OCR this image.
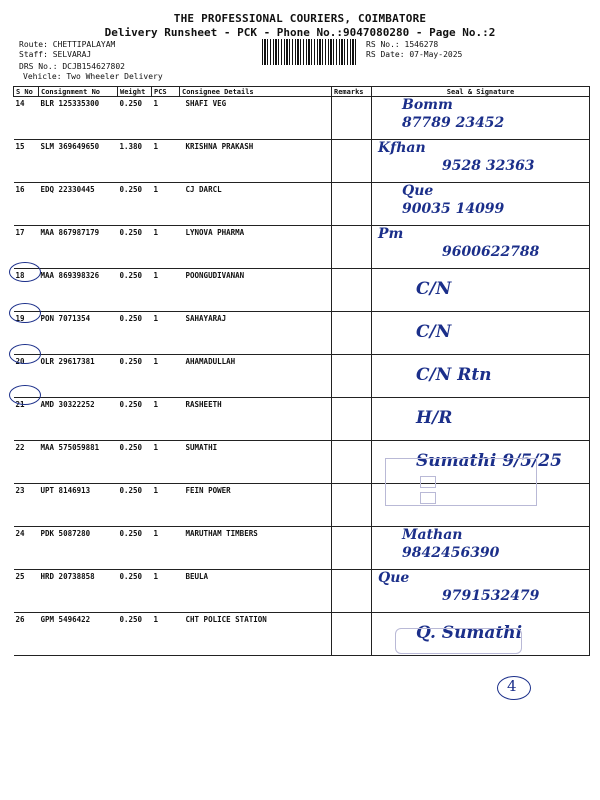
THE PROFESSIONAL COURIERS, COIMBATORE
Delivery Runsheet - PCK - Phone No.:9047080280 - Page No.:2
Route: CHETTIPALAYAM
Staff: SELVARAJ
DRS No.: DCJB154627802
Vehicle: Two Wheeler Delivery
RS No.: 1546278
RS Date: 07-May-2025
S No	Consignment No	Weight	PCS	Consignee Details	Remarks	Seal & Signature
14	BLR 125335300	0.250	1	SHAFI VEG		Bomm
87789 23452

15	SLM 369649650	1.380	1	KRISHNA PRAKASH		Kfhan
9528 32363

16	EDQ 22330445	0.250	1	CJ DARCL		Que
90035 14099

17	MAA 867987179	0.250	1	LYNOVA PHARMA		Pm
9600622788

18	MAA 869398326	0.250	1	POONGUDIVANAN		C/N

19	PON 7071354	0.250	1	SAHAYARAJ		C/N

20	OLR 29617381	0.250	1	AHAMADULLAH		C/N Rtn

21	AMD 30322252	0.250	1	RASHEETH		H/R

22	MAA 575059881	0.250	1	SUMATHI		Sumathi 9/5/25

23	UPT 8146913	0.250	1	FEIN POWER		

24	PDK 5087280	0.250	1	MARUTHAM TIMBERS		Mathan
9842456390

25	HRD 20738858	0.250	1	BEULA		Que
9791532479

26	GPM 5496422	0.250	1	CHT POLICE STATION		Q. Sumathi
4
